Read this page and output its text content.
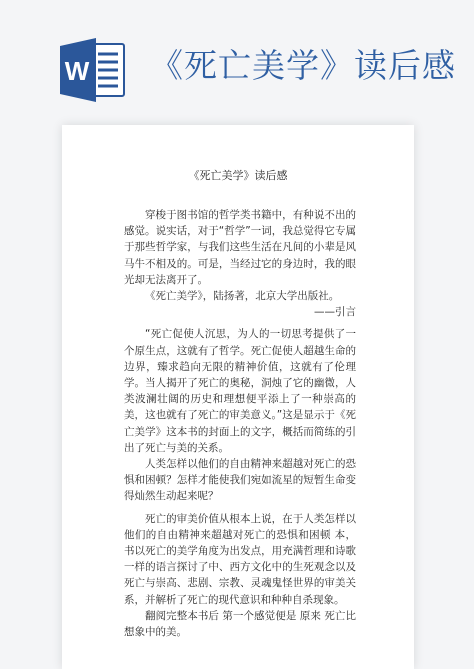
W 《死亡美学》读后感
《死亡美学》读后感

穿梭于图书馆的哲学类书籍中，有种说不出的感觉。说实话，对于“哲学”一词，我总觉得它专属于那些哲学家，与我们这些生活在凡间的小辈是风马牛不相及的。可是，当经过它的身边时，我的眼光却无法离开了。

《死亡美学》，陆扬著，北京大学出版社。

——引言

“死亡促使人沉思，为人的一切思考提供了一个原生点，这就有了哲学。死亡促使人超越生命的边界，臻求趋向无限的精神价值，这就有了伦理学。当人揭开了死亡的奥秘，洞烛了它的幽微，人类波澜壮阔的历史和理想便平添上了一种崇高的美，这也就有了死亡的审美意义。”这是显示于《死亡美学》这本书的封面上的文字，概括而简练的引出了死亡与美的关系。

人类怎样以他们的自由精神来超越对死亡的恐惧和困顿？怎样才能使我们宛如流星的短暂生命变得灿然生动起来呢？

死亡的审美价值从根本上说，在于人类怎样以他们的自由精神来超越对死亡的恐惧和困顿 本，书以死亡的美学角度为出发点，用充满哲理和诗歌一样的语言探讨了中、西方文化中的生死观念以及死亡与崇高、悲剧、宗教、灵魂鬼怪世界的审美关系，并解析了死亡的现代意识和种种自杀现象。

翻阅完整本书后 第一个感觉便是 原来 死亡比想象中的美。
